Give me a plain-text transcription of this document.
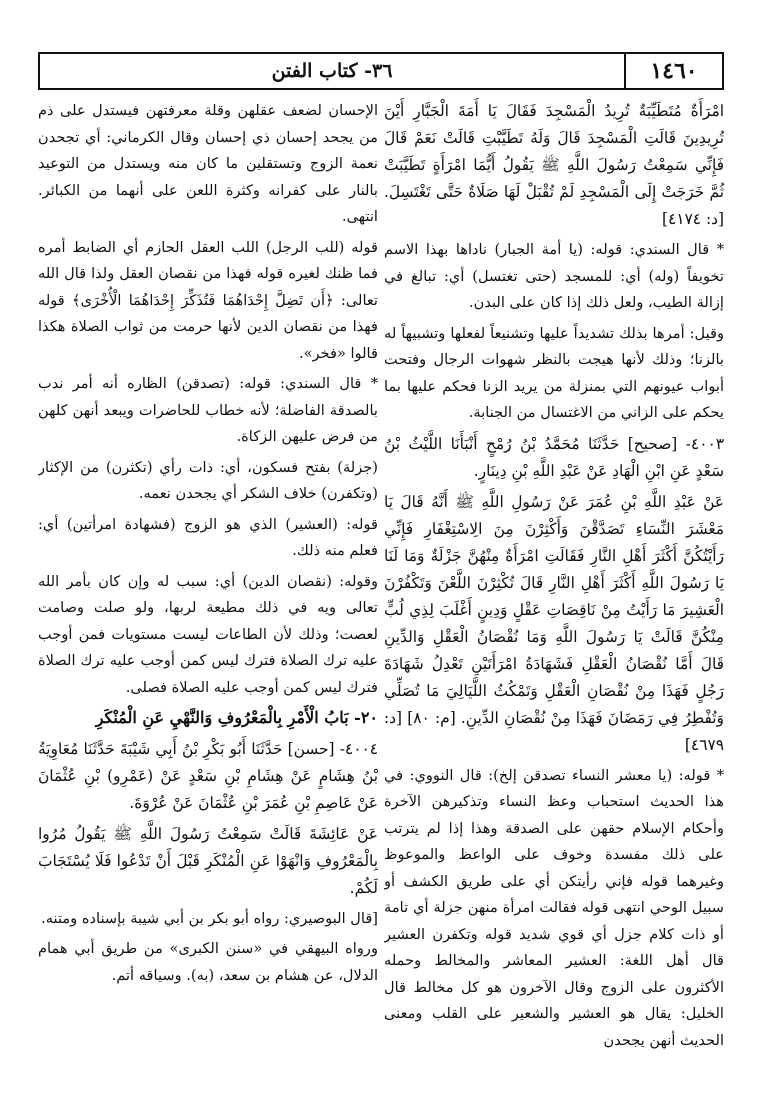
٣٦- كتاب الفتن	١٤٦٠

امْرَأَةٌ مُتَطَيِّبَةٌ تُرِيدُ الْمَسْجِدَ فَقَالَ يَا أَمَةَ الْجَبَّارِ أَيْنَ تُرِيدِينَ قَالَتِ الْمَسْجِدَ قَالَ وَلَهُ تَطَيَّبْتِ قَالَتْ نَعَمْ قَالَ فَإِنِّي سَمِعْتُ رَسُولَ اللَّهِ ﷺ يَقُولُ أَيُّمَا امْرَأَةٍ تَطَيَّبَتْ ثُمَّ خَرَجَتْ إِلَى الْمَسْجِدِ لَمْ تُقْبَلْ لَهَا صَلَاةٌ حَتَّى تَغْتَسِلَ. [د: ٤١٧٤]

* قال السندي: قوله: (يا أمة الجبار) ناداها بهذا الاسم تخويفاً (وله) أي: للمسجد (حتى تغتسل) أي: تبالغ في إزالة الطيب، ولعل ذلك إذا كان على البدن.

وقيل: أمرها بذلك تشديداً عليها وتشنيعاً لفعلها وتشبيهاً له بالزنا؛ وذلك لأنها هيجت بالنظر شهوات الرجال وفتحت أبواب عيونهم التي بمنزلة من يريد الزنا فحكم عليها بما يحكم على الزاني من الاغتسال من الجنابة.

٤٠٠٣- [صحيح] حَدَّثَنَا مُحَمَّدُ بْنُ رُمْحٍ أَنْبَأَنَا اللَّيْثُ بْنُ سَعْدٍ عَنِ ابْنِ الْهَادِ عَنْ عَبْدِ اللَّهِ بْنِ دِينَارٍ.

عَنْ عَبْدِ اللَّهِ بْنِ عُمَرَ عَنْ رَسُولِ اللَّهِ ﷺ أَنَّهُ قَالَ يَا مَعْشَرَ النِّسَاءِ تَصَدَّقْنَ وَأَكْثِرْنَ مِنَ الِاسْتِغْفَارِ فَإِنِّي رَأَيْتُكُنَّ أَكْثَرَ أَهْلِ النَّارِ فَقَالَتِ امْرَأَةٌ مِنْهُنَّ جَزْلَةٌ وَمَا لَنَا يَا رَسُولَ اللَّهِ أَكْثَرَ أَهْلِ النَّارِ قَالَ تُكْثِرْنَ اللَّعْنَ وَتَكْفُرْنَ الْعَشِيرَ مَا رَأَيْتُ مِنْ نَاقِصَاتِ عَقْلٍ وَدِينٍ أَغْلَبَ لِذِي لُبٍّ مِنْكُنَّ قَالَتْ يَا رَسُولَ اللَّهِ وَمَا نُقْصَانُ الْعَقْلِ وَالدِّينِ قَالَ أَمَّا نُقْصَانُ الْعَقْلِ فَشَهَادَةُ امْرَأَتَيْنِ تَعْدِلُ شَهَادَةَ رَجُلٍ فَهَذَا مِنْ نُقْصَانِ الْعَقْلِ وَتَمْكُثُ اللَّيَالِيَ مَا تُصَلِّي وَتُفْطِرُ فِي رَمَضَانَ فَهَذَا مِنْ نُقْصَانِ الدِّينِ. [م: ٨٠] [د: ٤٦٧٩]

* قوله: (يا معشر النساء تصدقن إلخ): قال النووي: في هذا الحديث استحباب وعظ النساء وتذكيرهن الآخرة وأحكام الإسلام حقهن على الصدقة وهذا إذا لم يترتب على ذلك مفسدة وخوف على الواعظ والموعوظ وغيرهما قوله فإني رأيتكن أي على طريق الكشف أو سبيل الوحي انتهى قوله فقالت امرأة منهن جزلة أي تامة أو ذات كلام جزل أي قوي شديد قوله وتكفرن العشير قال أهل اللغة: العشير المعاشر والمخالط وحمله الأكثرون على الزوج وقال الآخرون هو كل مخالط قال الخليل: يقال هو العشير والشعير على القلب ومعنى الحديث أنهن يجحدن

الإحسان لضعف عقلهن وقلة معرفتهن فيستدل على ذم من يجحد إحسان ذي إحسان وقال الكرماني: أي تجحدن نعمة الزوج وتستقلين ما كان منه ويستدل من التوعيد بالنار على كفرانه وكثرة اللعن على أنهما من الكبائر. انتهى.

قوله (للب الرجل) اللب العقل الحازم أي الضابط أمره فما ظنك لغيره قوله فهذا من نقصان العقل ولذا قال الله تعالى: ﴿أَن تَضِلَّ إِحْدَاهُمَا فَتُذَكِّرَ إِحْدَاهُمَا الْأُخْرَى﴾ قوله فهذا من نقصان الدين لأنها حرمت من ثواب الصلاة هكذا قالوا «فخر».

* قال السندي: قوله: (تصدقن) الظاره أنه أمر ندب بالصدقة الفاضلة؛ لأنه خطاب للحاضرات ويبعد أنهن كلهن من فرض عليهن الزكاة.

(جزلة) بفتح فسكون، أي: ذات رأي (تكثرن) من الإكثار (وتكفرن) خلاف الشكر أي يجحدن نعمه.

قوله: (العشير) الذي هو الزوج (فشهادة امرأتين) أي: فعلم منه ذلك.

وقوله: (نقصان الدين) أي: سبب له وإن كان بأمر الله تعالى ويه في ذلك مطيعة لربها، ولو صلت وصامت لعصت؛ وذلك لأن الطاعات ليست مستويات فمن أوجب عليه ترك الصلاة فترك ليس كمن أوجب عليه ترك الصلاة فترك ليس كمن أوجب عليه الصلاة فصلى.

٢٠- بَابُ الْأَمْرِ بِالْمَعْرُوفِ وَالنَّهْيِ عَنِ الْمُنْكَرِ

٤٠٠٤- [حسن] حَدَّثَنَا أَبُو بَكْرِ بْنُ أَبِي شَيْبَةَ حَدَّثَنَا مُعَاوِيَةُ بْنُ هِشَامٍ عَنْ هِشَامِ بْنِ سَعْدٍ عَنْ (عَمْرِو) بْنِ عُثْمَانَ عَنْ عَاصِمِ بْنِ عُمَرَ بْنِ عُثْمَانَ عَنْ عُرْوَةَ.

عَنْ عَائِشَةَ قَالَتْ سَمِعْتُ رَسُولَ اللَّهِ ﷺ يَقُولُ مُرُوا بِالْمَعْرُوفِ وَانْهَوْا عَنِ الْمُنْكَرِ قَبْلَ أَنْ تَدْعُوا فَلَا يُسْتَجَابَ لَكُمْ.

[قال البوصيري: رواه أبو بكر بن أبي شيبة بإسناده ومتنه.

ورواه البيهقي في «سنن الكبرى» من طريق أبي همام الدلال، عن هشام بن سعد، (به). وسياقه أتم.
